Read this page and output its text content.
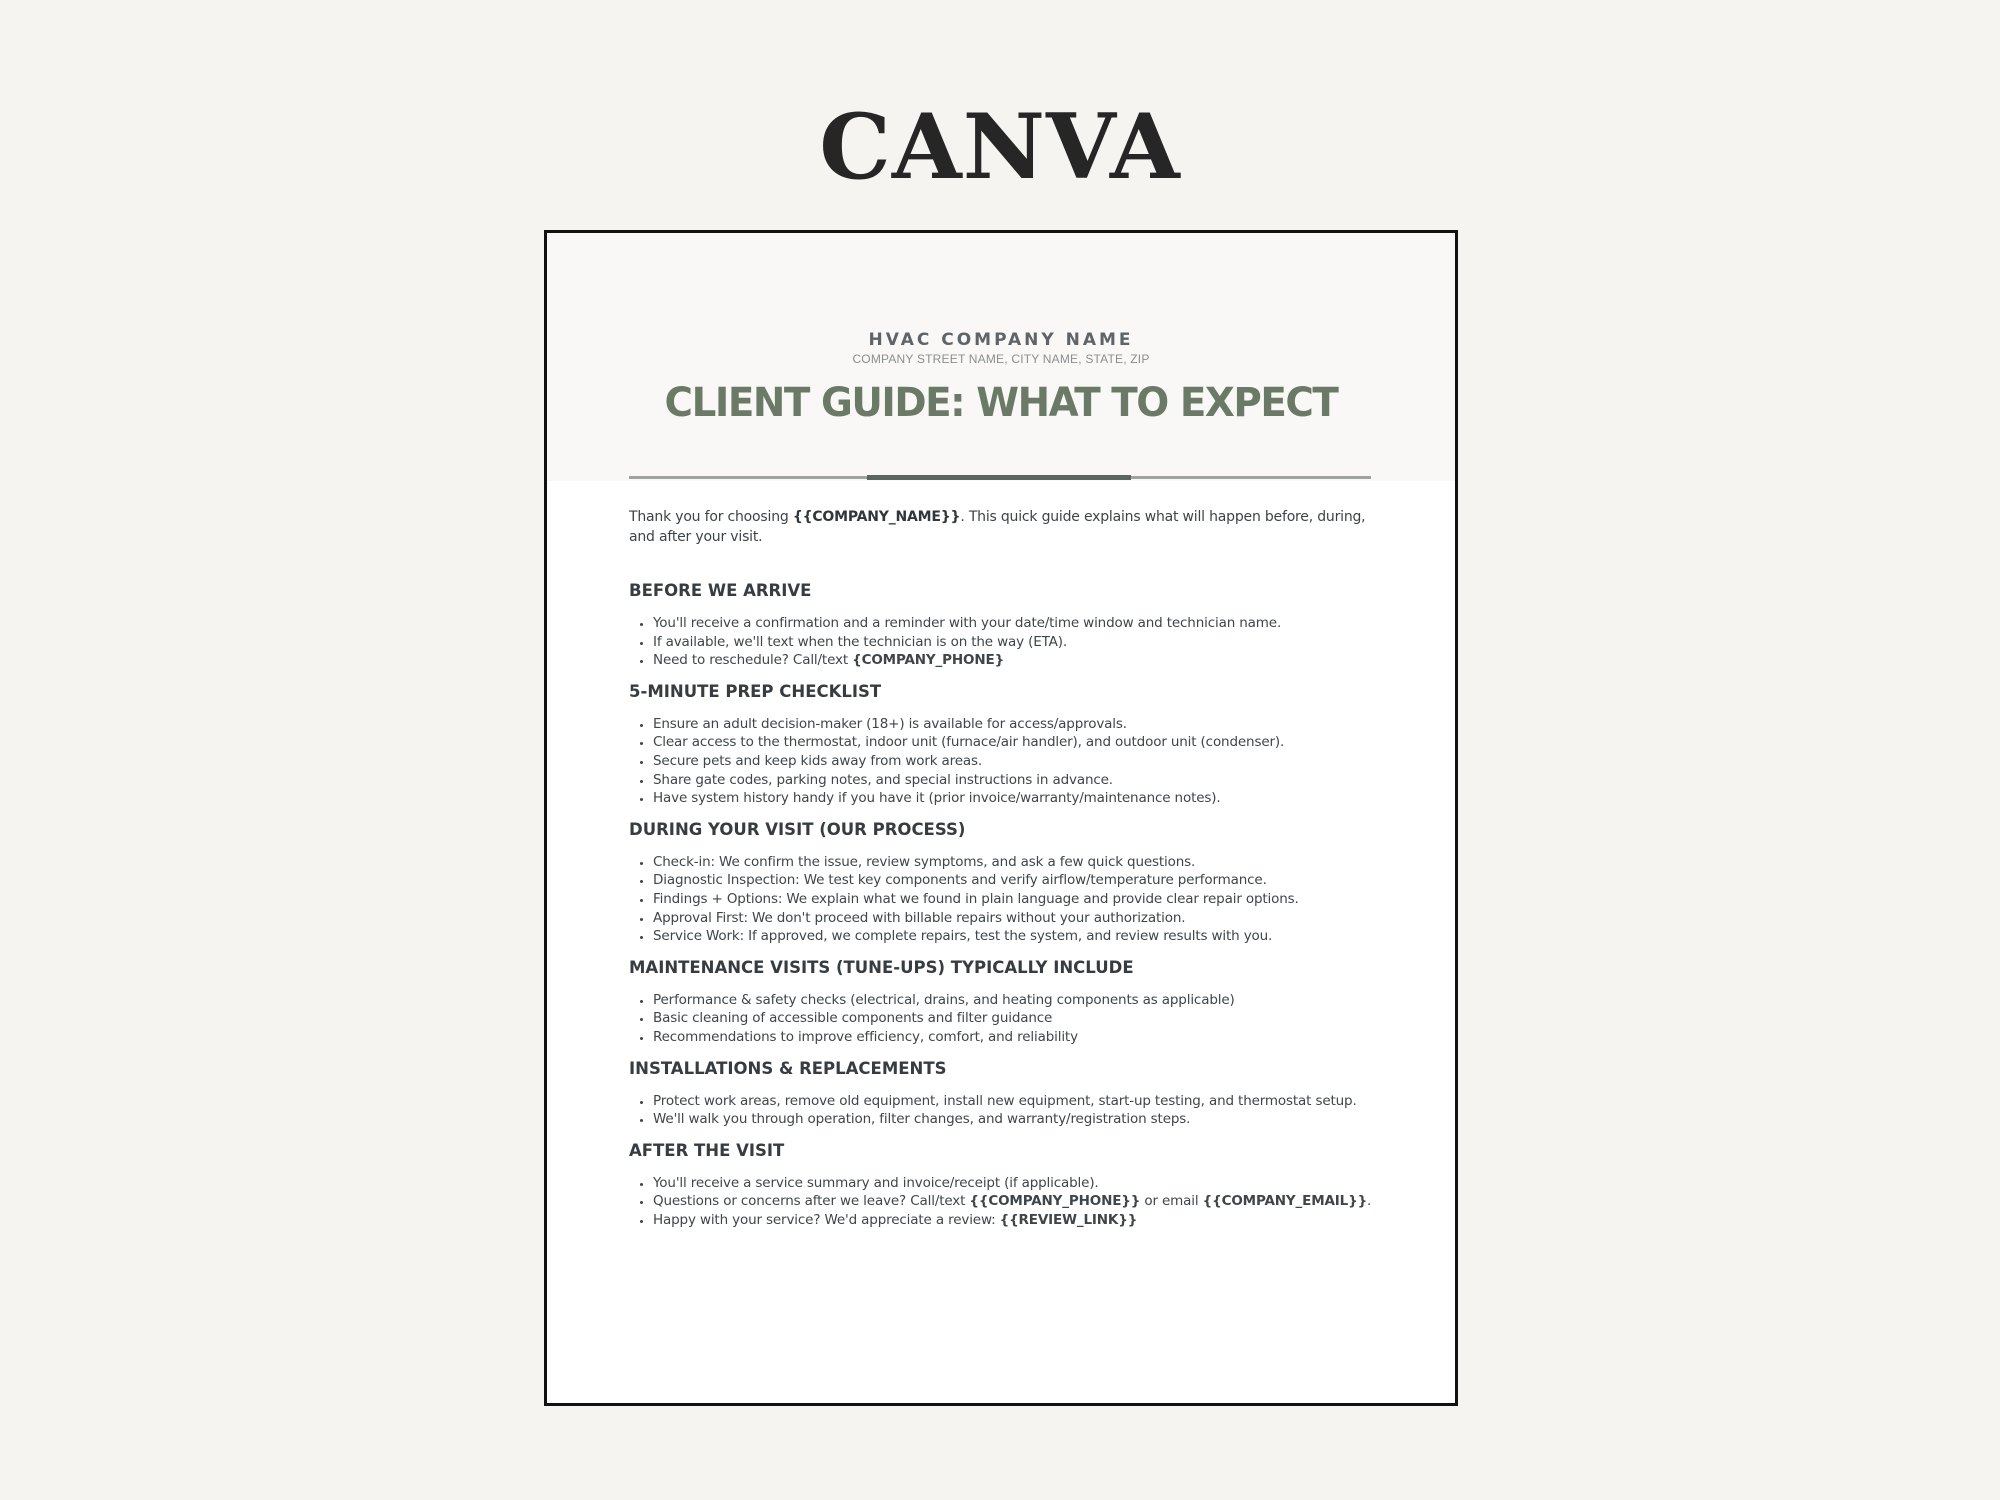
CANVA
HVAC COMPANY NAME
COMPANY STREET NAME, CITY NAME, STATE, ZIP
CLIENT GUIDE: WHAT TO EXPECT

Thank you for choosing {{COMPANY_NAME}}. This quick guide explains what will happen before, during, and after your visit.

BEFORE WE ARRIVE
• You'll receive a confirmation and a reminder with your date/time window and technician name.
• If available, we'll text when the technician is on the way (ETA).
• Need to reschedule? Call/text {COMPANY_PHONE}
5-MINUTE PREP CHECKLIST
• Ensure an adult decision-maker (18+) is available for access/approvals.
• Clear access to the thermostat, indoor unit (furnace/air handler), and outdoor unit (condenser).
• Secure pets and keep kids away from work areas.
• Share gate codes, parking notes, and special instructions in advance.
• Have system history handy if you have it (prior invoice/warranty/maintenance notes).
DURING YOUR VISIT (OUR PROCESS)
• Check-in: We confirm the issue, review symptoms, and ask a few quick questions.
• Diagnostic Inspection: We test key components and verify airflow/temperature performance.
• Findings + Options: We explain what we found in plain language and provide clear repair options.
• Approval First: We don't proceed with billable repairs without your authorization.
• Service Work: If approved, we complete repairs, test the system, and review results with you.
MAINTENANCE VISITS (TUNE-UPS) TYPICALLY INCLUDE
• Performance & safety checks (electrical, drains, and heating components as applicable)
• Basic cleaning of accessible components and filter guidance
• Recommendations to improve efficiency, comfort, and reliability
INSTALLATIONS & REPLACEMENTS
• Protect work areas, remove old equipment, install new equipment, start-up testing, and thermostat setup.
• We'll walk you through operation, filter changes, and warranty/registration steps.
AFTER THE VISIT
• You'll receive a service summary and invoice/receipt (if applicable).
• Questions or concerns after we leave? Call/text {{COMPANY_PHONE}} or email {{COMPANY_EMAIL}}.
• Happy with your service? We'd appreciate a review: {{REVIEW_LINK}}
